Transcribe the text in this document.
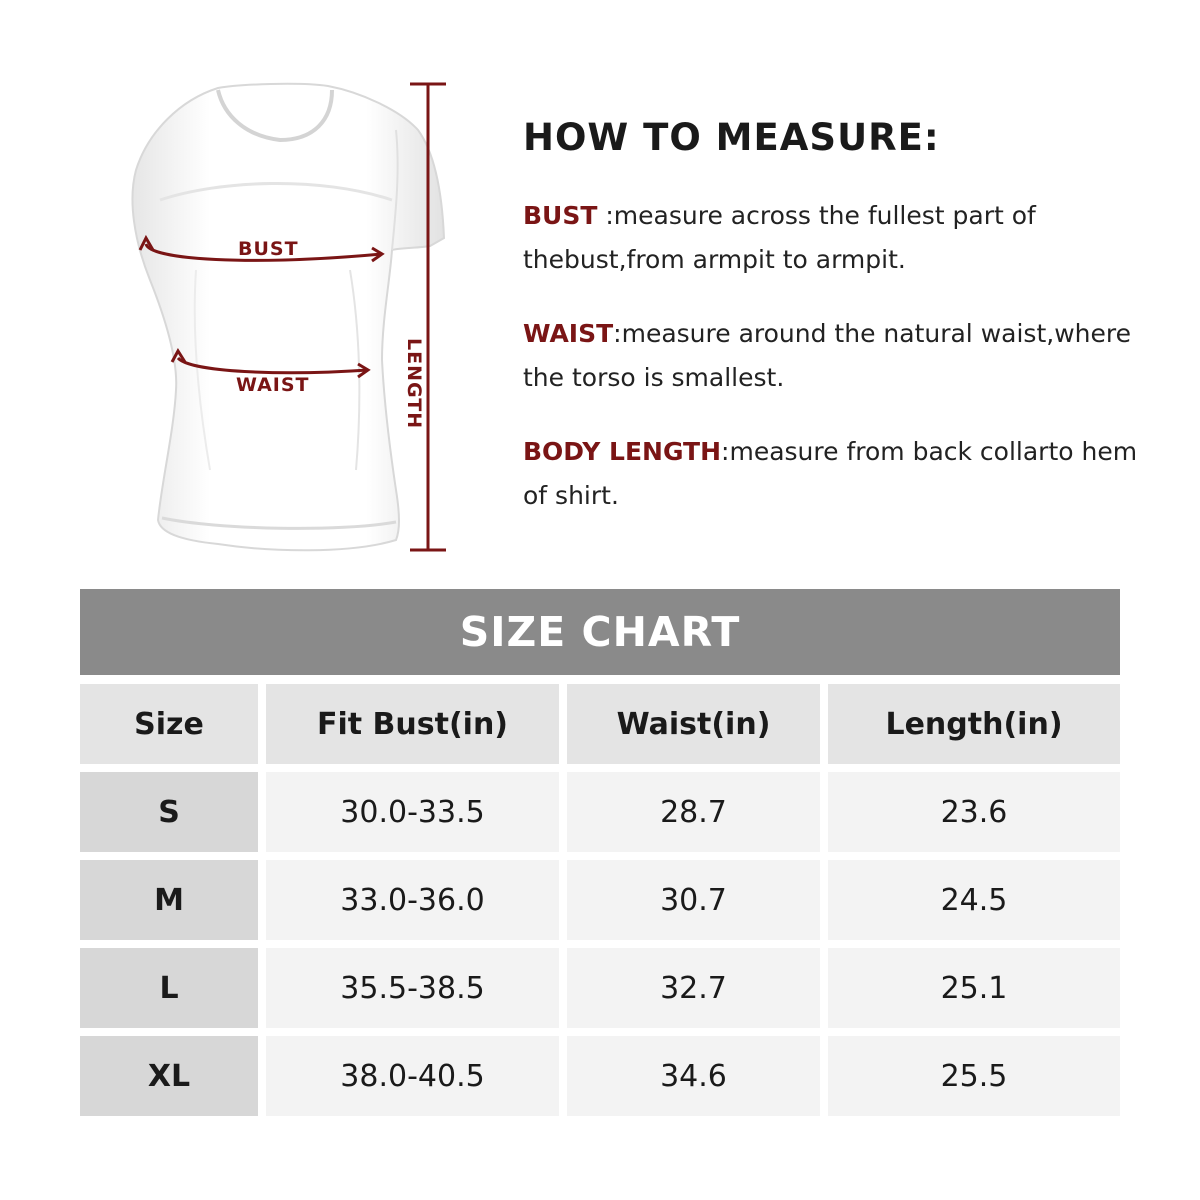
BUST
WAIST	LENGTH
HOW TO MEASURE:
BUST :measure across the fullest part of thebust,from armpit to armpit.
WAIST:measure around the natural waist,where the torso is smallest.
BODY LENGTH:measure from back collarto hem of shirt.
SIZE CHART
Size	Fit Bust(in)	Waist(in)	Length(in)
S	30.0-33.5	28.7	23.6
M	33.0-36.0	30.7	24.5
L	35.5-38.5	32.7	25.1
XL	38.0-40.5	34.6	25.5
